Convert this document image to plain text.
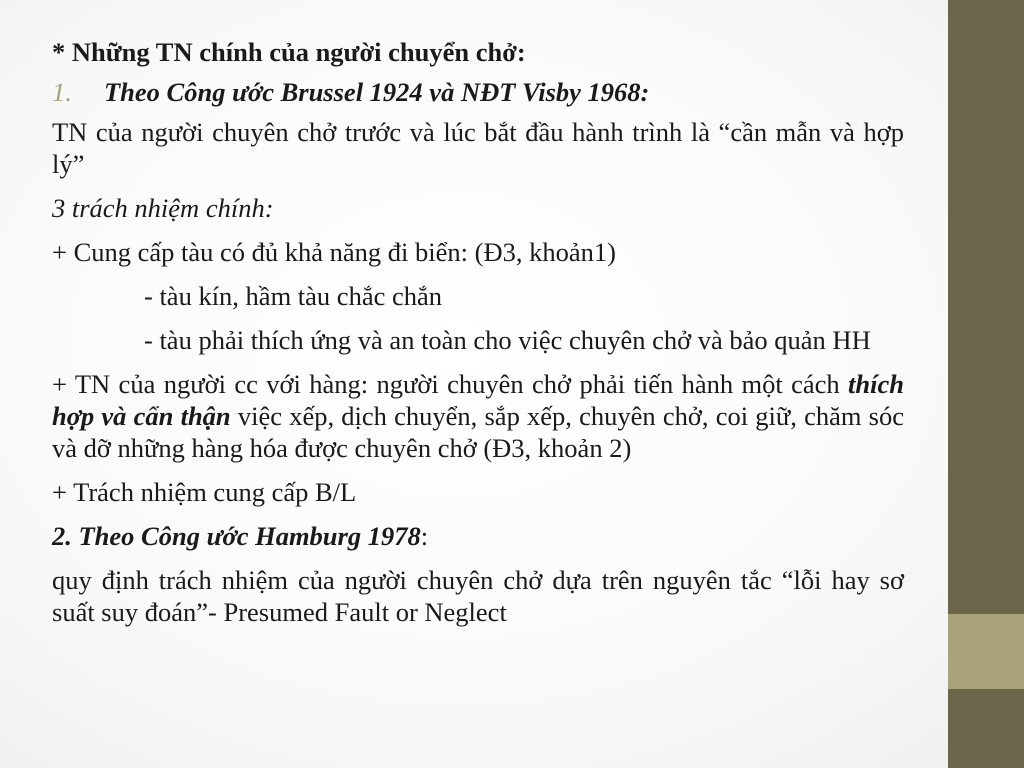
* Những TN chính của người chuyển chở:

1. Theo Công ước Brussel 1924 và NĐT Visby 1968:

TN của người chuyên chở trước và lúc bắt đầu hành trình là “cần mẫn và hợp lý”

3 trách nhiệm chính:

+ Cung cấp tàu có đủ khả năng đi biển: (Đ3, khoản1)

- tàu kín, hầm tàu chắc chắn

- tàu phải thích ứng và an toàn cho việc chuyên chở và bảo quản HH

+ TN của người cc với hàng: người chuyên chở phải tiến hành một cách thích hợp và cẩn thận việc xếp, dịch chuyển, sắp xếp, chuyên chở, coi giữ, chăm sóc và dỡ những hàng hóa được chuyên chở (Đ3, khoản 2)

+ Trách nhiệm cung cấp B/L

2. Theo Công ước Hamburg 1978:

quy định trách nhiệm của người chuyên chở dựa trên nguyên tắc “lỗi hay sơ suất suy đoán”- Presumed Fault or Neglect
